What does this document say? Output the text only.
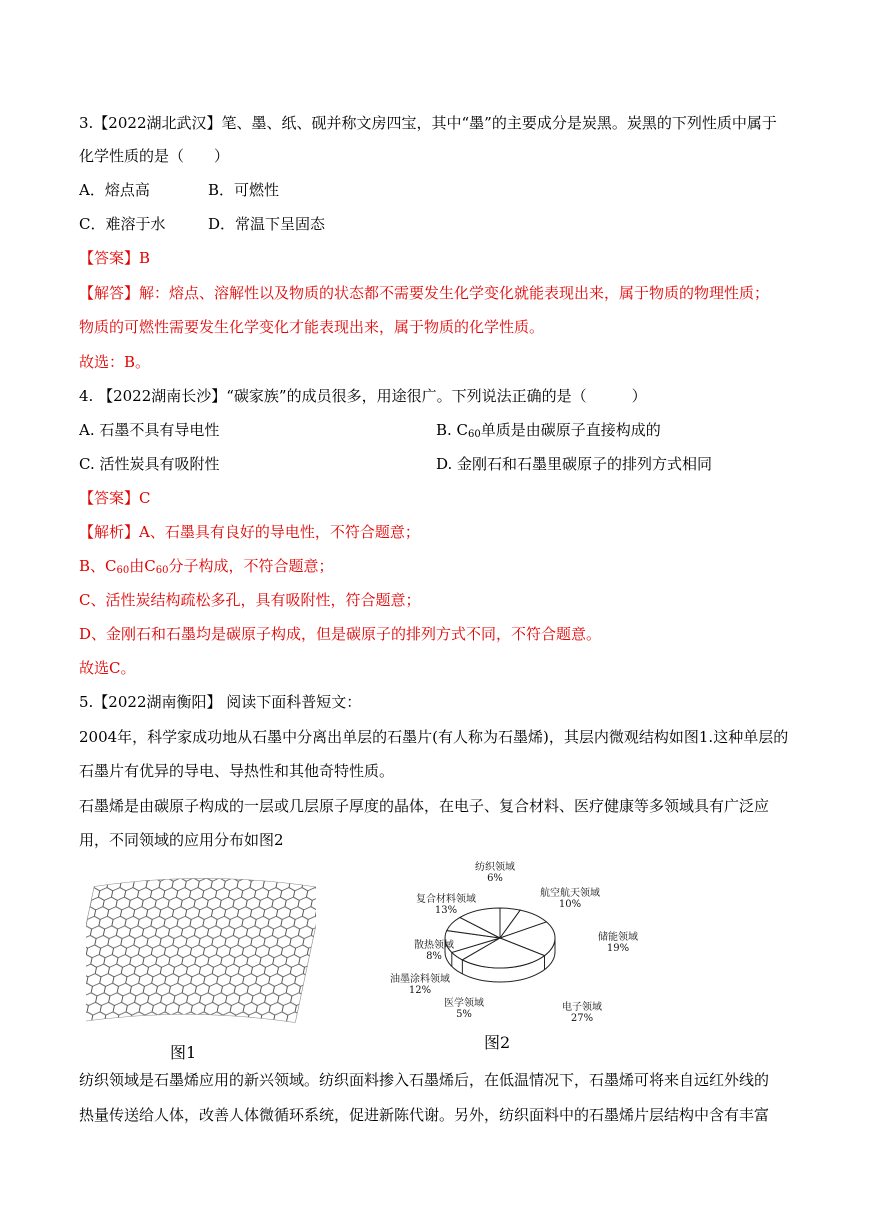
3.【2022湖北武汉】笔、墨、纸、砚并称文房四宝，其中“墨”的主要成分是炭黑。炭黑的下列性质中属于
化学性质的是（　　）
A．熔点高	B．可燃性
C．难溶于水	D．常温下呈固态
【答案】B
【解答】解：熔点、溶解性以及物质的状态都不需要发生化学变化就能表现出来，属于物质的物理性质；
物质的可燃性需要发生化学变化才能表现出来，属于物质的化学性质。
故选：B。
4. 【2022湖南长沙】“碳家族”的成员很多，用途很广。下列说法正确的是（　　　）
A. 石墨不具有导电性	B. $C_{60}$单质是由碳原子直接构成的
C. 活性炭具有吸附性	D. 金刚石和石墨里碳原子的排列方式相同
【答案】C
【解析】A、石墨具有良好的导电性，不符合题意；
B、$C_{60}$由$C_{60}$分子构成，不符合题意；
C、活性炭结构疏松多孔，具有吸附性，符合题意；
D、金刚石和石墨均是碳原子构成，但是碳原子的排列方式不同，不符合题意。
故选C。
5.【2022湖南衡阳】 阅读下面科普短文：
2004年，科学家成功地从石墨中分离出单层的石墨片(有人称为石墨烯)，其层内微观结构如图1.这种单层的
石墨片有优异的导电、导热性和其他奇特性质。
石墨烯是由碳原子构成的一层或几层原子厚度的晶体，在电子、复合材料、医疗健康等多领域具有广泛应
用，不同领域的应用分布如图2
图1
纺织领域
6%
航空航天领域
10%
储能领域
19%
电子领域
27%
医学领域
5%
油墨涂料领域
12%
散热领域
8%
复合材料领域
13%
图2
纺织领域是石墨烯应用的新兴领域。纺织面料掺入石墨烯后，在低温情况下，石墨烯可将来自远红外线的
热量传送给人体，改善人体微循环系统，促进新陈代谢。另外，纺织面料中的石墨烯片层结构中含有丰富
